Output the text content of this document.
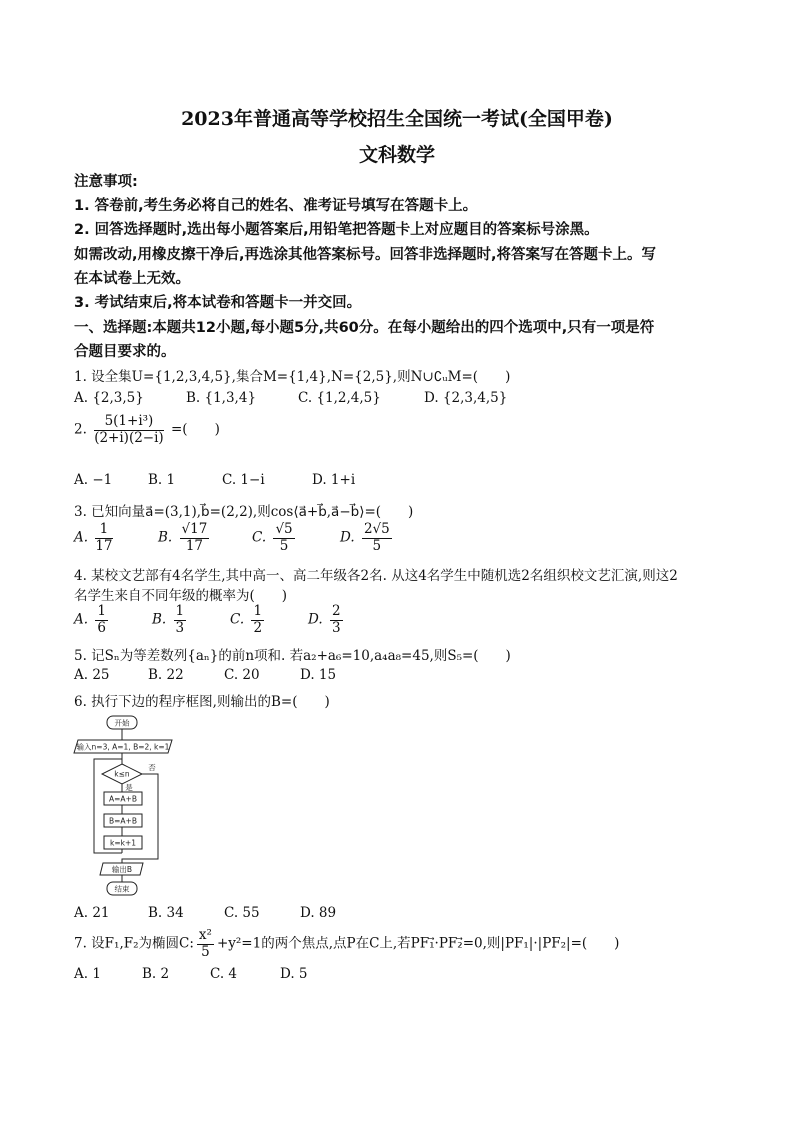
2023年普通高等学校招生全国统一考试(全国甲卷)
文科数学
注意事项:
1. 答卷前,考生务必将自己的姓名、准考证号填写在答题卡上。
2. 回答选择题时,选出每小题答案后,用铅笔把答题卡上对应题目的答案标号涂黑。
如需改动,用橡皮擦干净后,再选涂其他答案标号。回答非选择题时,将答案写在答题卡上。写
在本试卷上无效。
3. 考试结束后,将本试卷和答题卡一并交回。
一、选择题:本题共12小题,每小题5分,共60分。在每小题给出的四个选项中,只有一项是符
合题目要求的。
1. 设全集U={1,2,3,4,5},集合M={1,4},N={2,5},则N∪∁ᵤM=(　　)
A. {2,3,5}	B. {1,3,4}	C. {1,2,4,5}	D. {2,3,4,5}
2. $\frac{\text{5(1+i³)}}{(2+i)(2-i)}$ =(　　)
A. −1	B. 1	C. 1−i	D. 1+i
3. 已知向量a⃗=(3,1),b⃗=(2,2),则cos⟨a⃗+b⃗,a⃗−b⃗⟩=(　　)
A. $\frac{1}{17}$	B. $\frac{√17}{17}$	C. $\frac{√5}{5}$	D. $\frac{2√5}{5}$
4. 某校文艺部有4名学生,其中高一、高二年级各2名. 从这4名学生中随机选2名组织校文艺汇演,则这2
名学生来自不同年级的概率为(　　)
A. $\frac{1}{6}$	B. $\frac{1}{3}$	C. $\frac{1}{2}$	D. $\frac{2}{3}$
5. 记Sₙ为等差数列{aₙ}的前n项和. 若a₂+a₆=10,a₄a₈=45,则S₅=(　　)
A. 25	B. 22	C. 20	D. 15
6. 执行下边的程序框图,则输出的B=(　　)
开始
输入n=3, A=1, B=2, k=1
k≤n
否
是
A=A+B
B=A+B
k=k+1
输出B
结束
A. 21	B. 34	C. 55	D. 89
7. 设F₁,F₂为椭圆C: $\frac{\text{x²}}{5} +y^2=1$的两个焦点,点P在C上,若PF₁⃗·PF₂⃗=0,则|PF₁|·|PF₂|=(　　)
A. 1	B. 2	C. 4	D. 5
